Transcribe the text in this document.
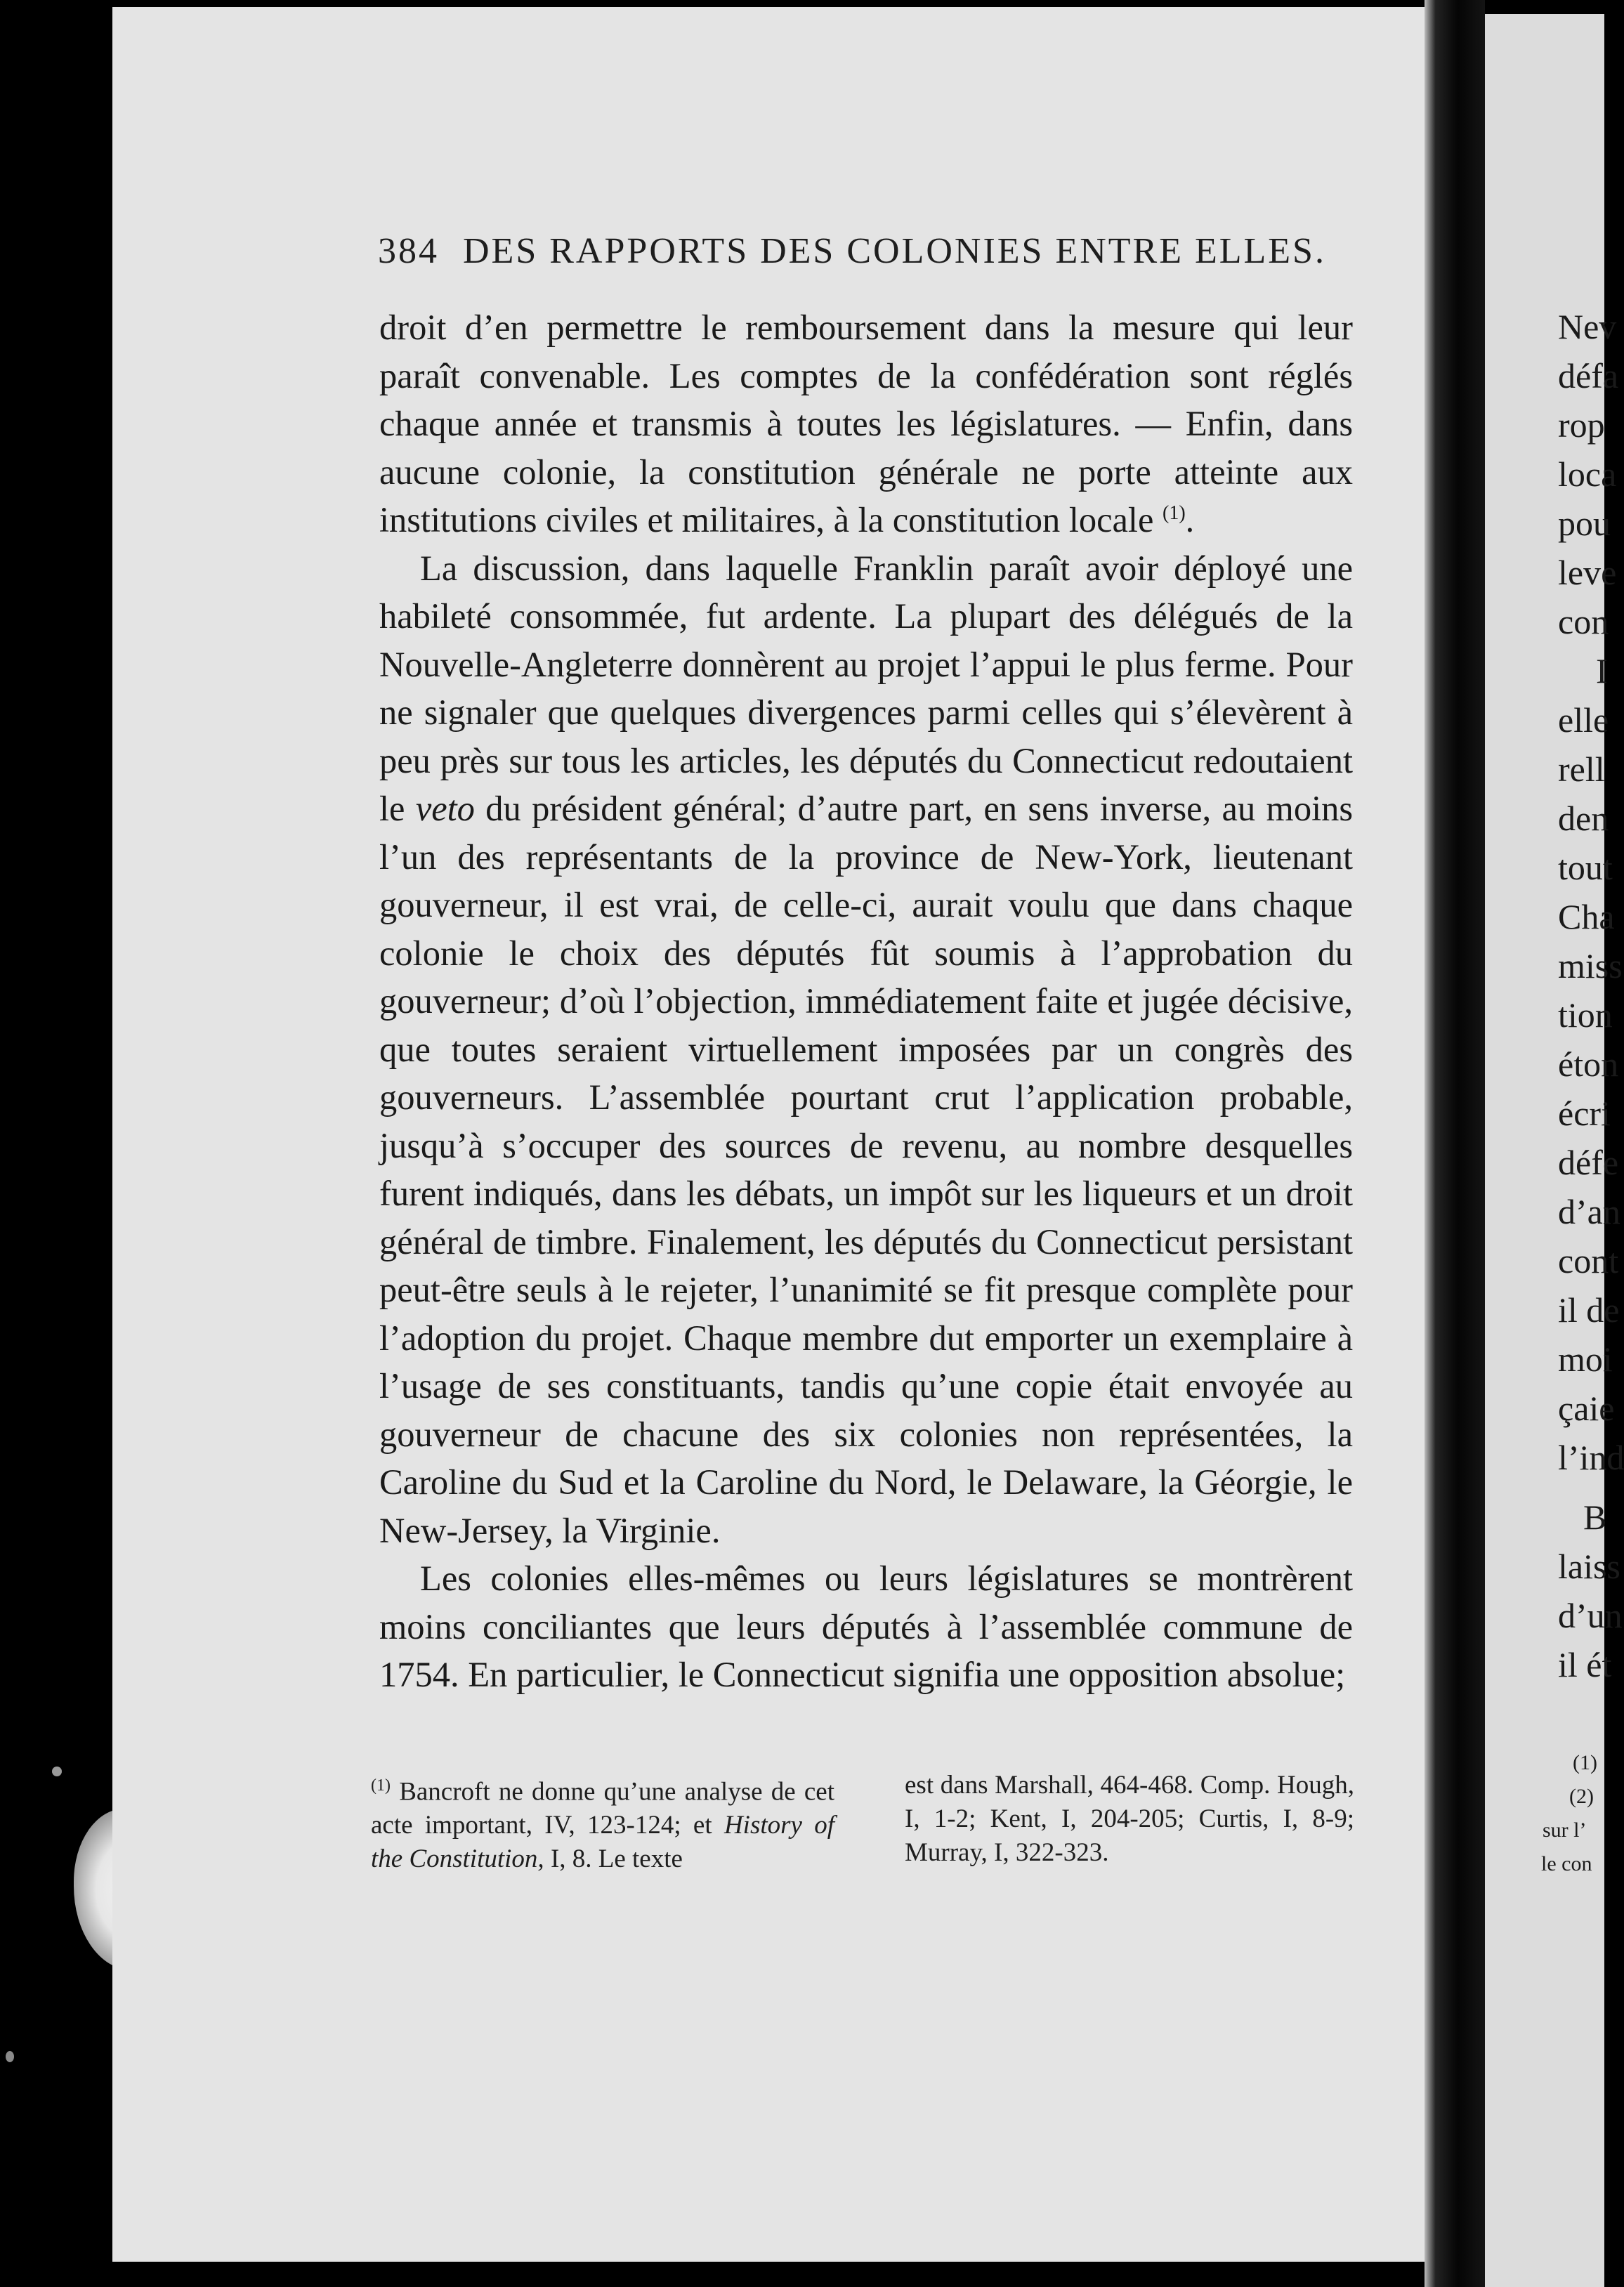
384 DES RAPPORTS DES COLONIES ENTRE ELLES.

droit d’en permettre le remboursement dans la mesure qui leur paraît convenable. Les comptes de la confédération sont réglés chaque année et transmis à toutes les législatures. — Enfin, dans aucune colonie, la constitution générale ne porte atteinte aux institutions civiles et militaires, à la constitution locale $^{(1)}$.

La discussion, dans laquelle Franklin paraît avoir déployé une habileté consommée, fut ardente. La plupart des délégués de la Nouvelle-Angleterre donnèrent au projet l’appui le plus ferme. Pour ne signaler que quelques divergences parmi celles qui s’élevèrent à peu près sur tous les articles, les députés du Connecticut redoutaient le veto du président général; d’autre part, en sens inverse, au moins l’un des représentants de la province de New-York, lieutenant gouverneur, il est vrai, de celle-ci, aurait voulu que dans chaque colonie le choix des députés fût soumis à l’approbation du gouverneur; d’où l’objection, immédiatement faite et jugée décisive, que toutes seraient virtuellement imposées par un congrès des gouverneurs. L’assemblée pourtant crut l’application probable, jusqu’à s’occuper des sources de revenu, au nombre desquelles furent indiqués, dans les débats, un impôt sur les liqueurs et un droit général de timbre. Finalement, les députés du Connecticut persistant peut-être seuls à le rejeter, l’unanimité se fit presque complète pour l’adoption du projet. Chaque membre dut emporter un exemplaire à l’usage de ses constituants, tandis qu’une copie était envoyée au gouverneur de chacune des six colonies non représentées, la Caroline du Sud et la Caroline du Nord, le Delaware, la Géorgie, le New-Jersey, la Virginie.

Les colonies elles-mêmes ou leurs législatures se montrèrent moins conciliantes que leurs députés à l’assemblée commune de 1754. En particulier, le Connecticut signifia une opposition absolue;

$^{(1)}$ Bancroft ne donne qu’une analyse de cet acte important, IV, 123-124; et History of the Constitution, I, 8. Le texte
est dans Marshall, 464-468. Comp. Hough, I, 1-2; Kent, I, 204-205; Curtis, I, 8-9; Murray, I, 322-323.
Nev
défa
rop
loca
pou
leve
con
I
elle
rell
den
tout
Cha
miss
tion
éton
écri
défe
d’an
cont
il de
moi
çaie
l’ind
B
laiss
d’un
il ét
(1)
(2)
sur l’
le con
